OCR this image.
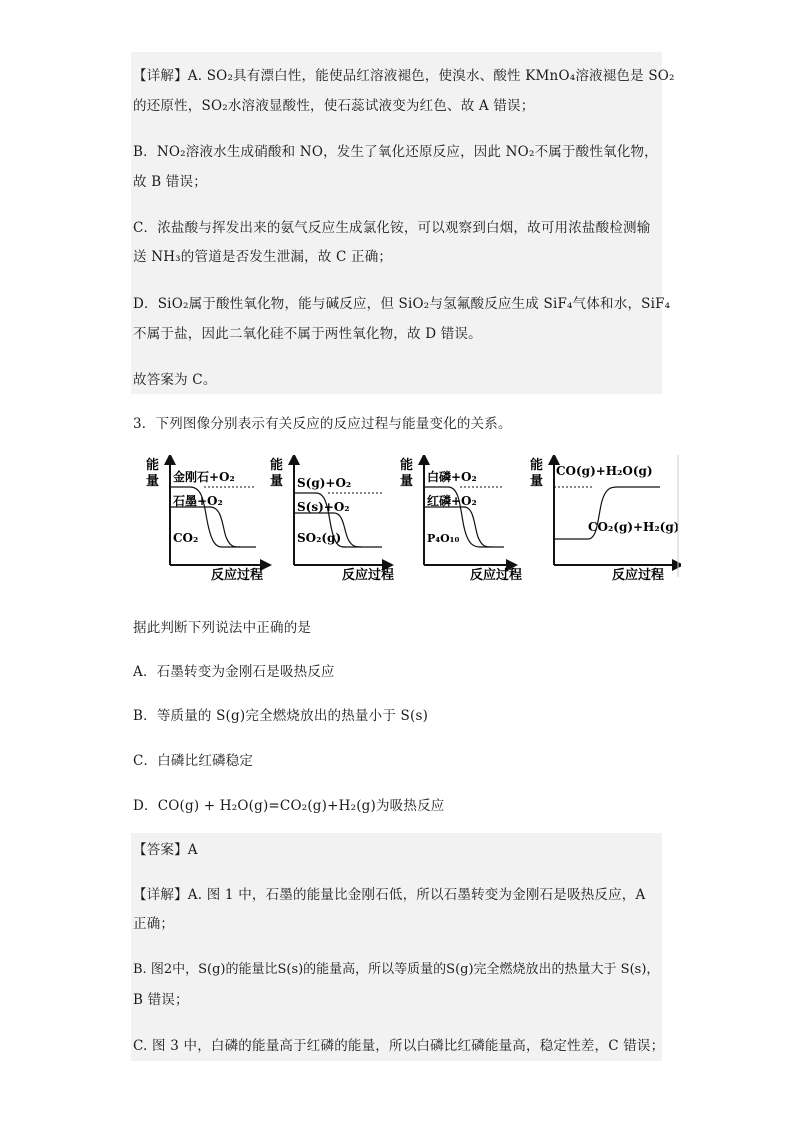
【详解】A. SO₂具有漂白性，能使品红溶液褪色，使溴水、酸性 KMnO₄溶液褪色是 SO₂
的还原性，SO₂水溶液显酸性，使石蕊试液变为红色、故 A 错误；
B．NO₂溶液水生成硝酸和 NO，发生了氧化还原反应，因此 NO₂不属于酸性氧化物，
故 B 错误；
C．浓盐酸与挥发出来的氨气反应生成氯化铵，可以观察到白烟，故可用浓盐酸检测输
送 NH₃的管道是否发生泄漏，故 C 正确；
D．SiO₂属于酸性氧化物，能与碱反应，但 SiO₂与氢氟酸反应生成 SiF₄气体和水，SiF₄
不属于盐，因此二氧化硅不属于两性氧化物，故 D 错误。
故答案为 C。
3．下列图像分别表示有关反应的反应过程与能量变化的关系。
能
量 金刚石+O₂
石墨+O₂
CO₂
反应过程
能
量 S(g)+O₂
S(s)+O₂
SO₂(g)
反应过程
能
量 白磷+O₂
红磷+O₂
P₄O₁₀
反应过程
能
量
CO(g)+H₂O(g)
CO₂(g)+H₂(g)
反应过程
据此判断下列说法中正确的是
A．石墨转变为金刚石是吸热反应
B．等质量的 S(g)完全燃烧放出的热量小于 S(s)
C．白磷比红磷稳定
D．CO(g) + H₂O(g)=CO₂(g)+H₂(g)为吸热反应
【答案】A
【详解】A. 图 1 中，石墨的能量比金刚石低，所以石墨转变为金刚石是吸热反应，A
正确；
B. 图2中，S(g)的能量比S(s)的能量高，所以等质量的S(g)完全燃烧放出的热量大于 S(s)，
B 错误；
C. 图 3 中，白磷的能量高于红磷的能量，所以白磷比红磷能量高，稳定性差，C 错误；
